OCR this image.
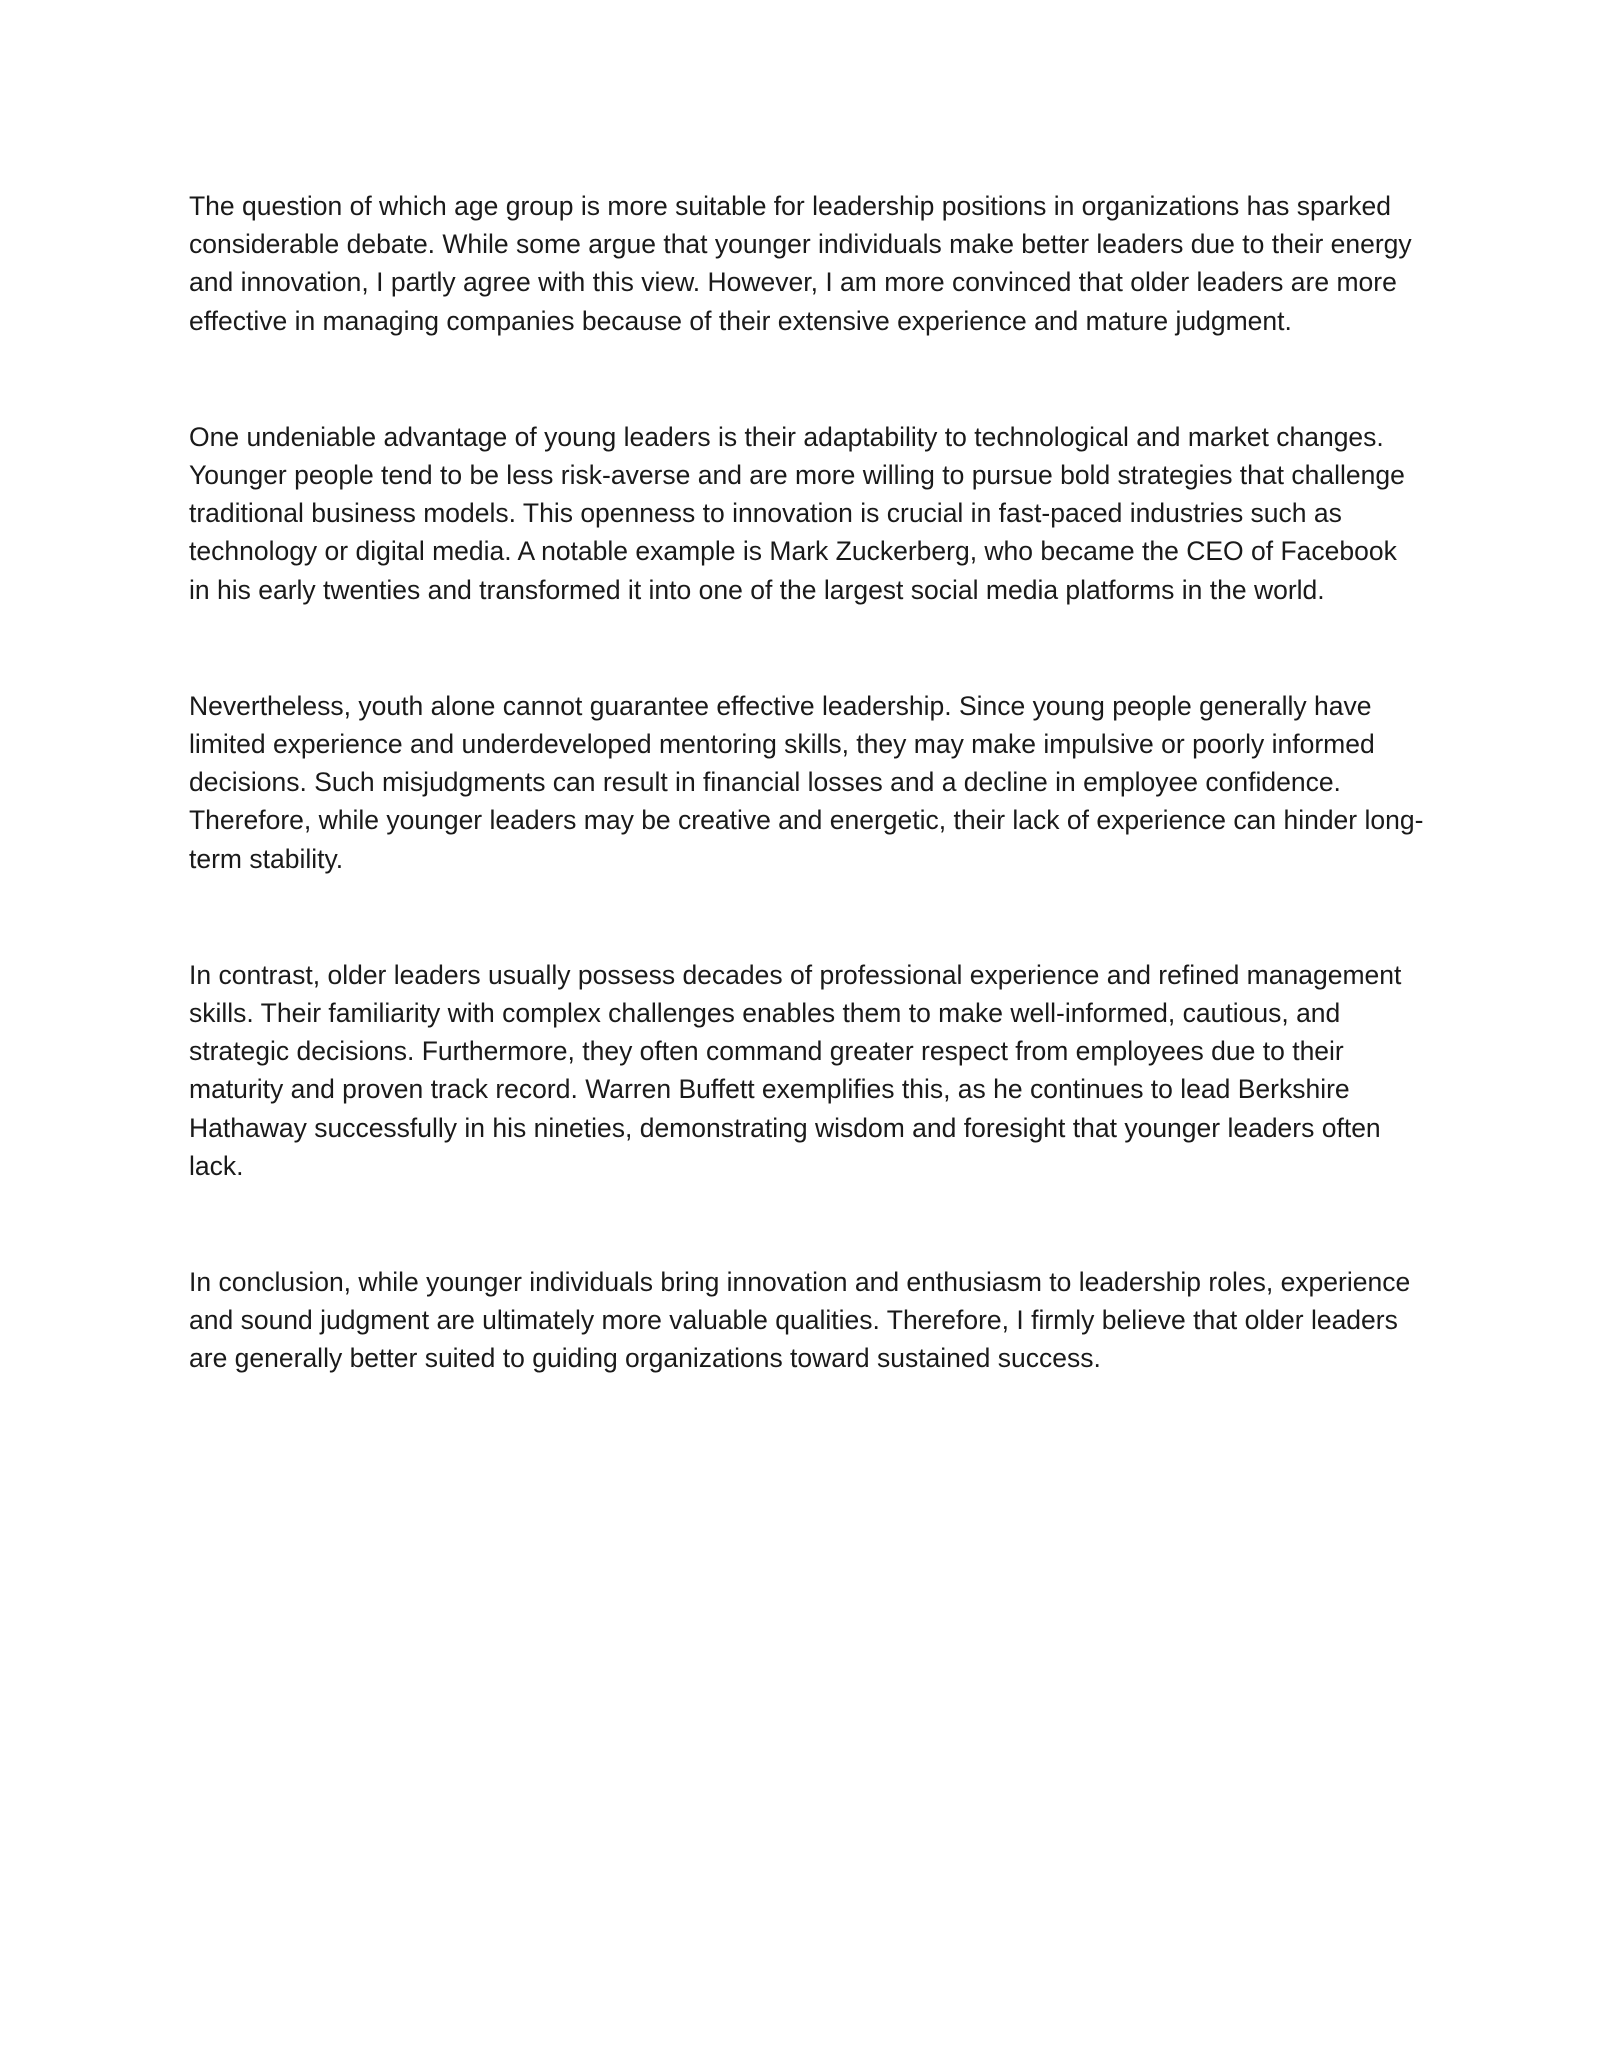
The question of which age group is more suitable for leadership positions in organizations has sparked considerable debate. While some argue that younger individuals make better leaders due to their energy and innovation, I partly agree with this view. However, I am more convinced that older leaders are more effective in managing companies because of their extensive experience and mature judgment.

One undeniable advantage of young leaders is their adaptability to technological and market changes. Younger people tend to be less risk-averse and are more willing to pursue bold strategies that challenge traditional business models. This openness to innovation is crucial in fast-paced industries such as technology or digital media. A notable example is Mark Zuckerberg, who became the CEO of Facebook in his early twenties and transformed it into one of the largest social media platforms in the world.

Nevertheless, youth alone cannot guarantee effective leadership. Since young people generally have limited experience and underdeveloped mentoring skills, they may make impulsive or poorly informed decisions. Such misjudgments can result in financial losses and a decline in employee confidence. Therefore, while younger leaders may be creative and energetic, their lack of experience can hinder long-term stability.

In contrast, older leaders usually possess decades of professional experience and refined management skills. Their familiarity with complex challenges enables them to make well-informed, cautious, and strategic decisions. Furthermore, they often command greater respect from employees due to their maturity and proven track record. Warren Buffett exemplifies this, as he continues to lead Berkshire Hathaway successfully in his nineties, demonstrating wisdom and foresight that younger leaders often lack.

In conclusion, while younger individuals bring innovation and enthusiasm to leadership roles, experience and sound judgment are ultimately more valuable qualities. Therefore, I firmly believe that older leaders are generally better suited to guiding organizations toward sustained success.
